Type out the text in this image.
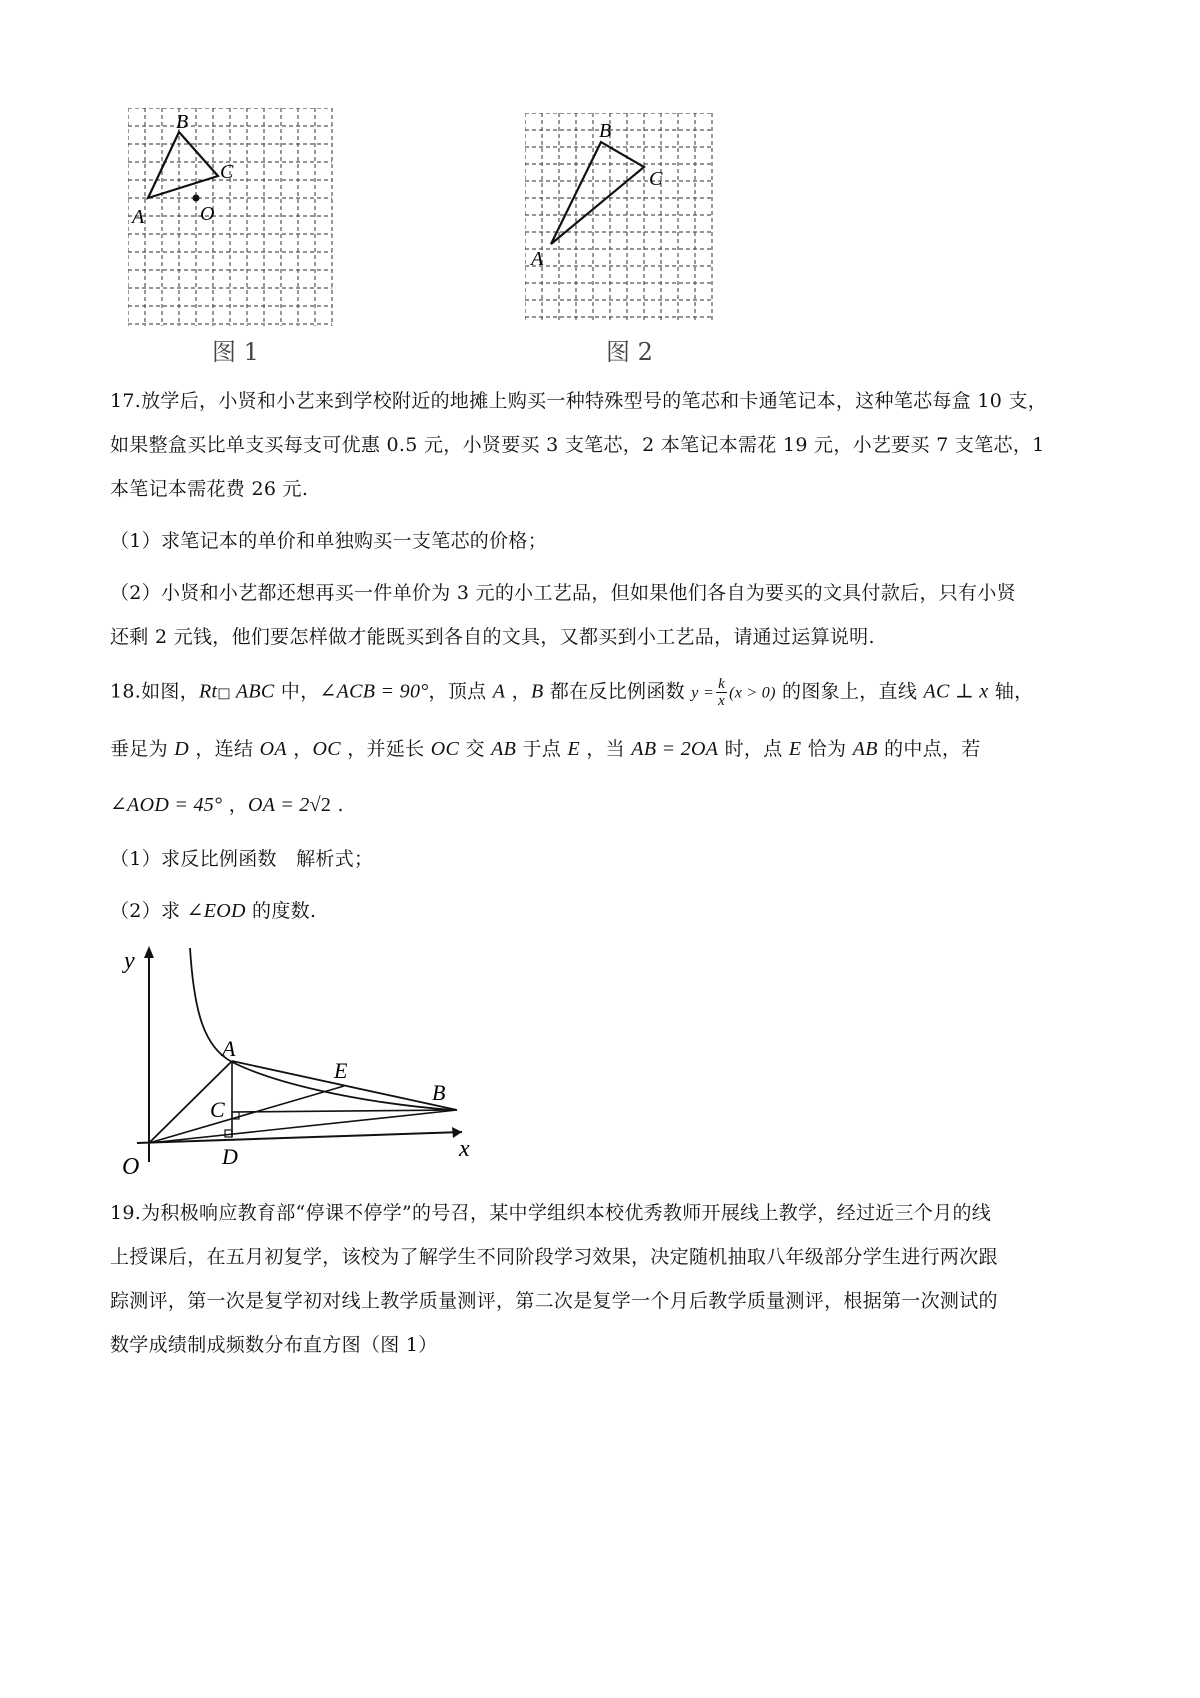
B
C
A	O
图 1
B
C
A
图 2
17.放学后，小贤和小艺来到学校附近的地摊上购买一种特殊型号的笔芯和卡通笔记本，这种笔芯每盒 10 支，
如果整盒买比单支买每支可优惠 0.5 元，小贤要买 3 支笔芯，2 本笔记本需花 19 元，小艺要买 7 支笔芯，1
本笔记本需花费 26 元.
（1）求笔记本的单价和单独购买一支笔芯的价格；
（2）小贤和小艺都还想再买一件单价为 3 元的小工艺品，但如果他们各自为要买的文具付款后，只有小贤
还剩 2 元钱，他们要怎样做才能既买到各自的文具，又都买到小工艺品，请通过运算说明.
18.如图，Rt□ ABC 中，∠ACB = 90°，顶点 A ，B 都在反比例函数 $y = \frac{k}{x} (x > 0)$ 的图象上，直线 AC ⊥ x 轴，
垂足为 D ，连结 OA ，OC ，并延长 OC 交 AB 于点 E ，当 AB = 2OA 时，点 E 恰为 AB 的中点，若
∠AOD = 45° ，OA = 2√2 .
（1）求反比例函数　解析式；
（2）求 ∠EOD 的度数.
y
x
O
A
E
B
C
D
19.为积极响应教育部“停课不停学”的号召，某中学组织本校优秀教师开展线上教学，经过近三个月的线
上授课后，在五月初复学，该校为了解学生不同阶段学习效果，决定随机抽取八年级部分学生进行两次跟
踪测评，第一次是复学初对线上教学质量测评，第二次是复学一个月后教学质量测评，根据第一次测试的
数学成绩制成频数分布直方图（图 1）
